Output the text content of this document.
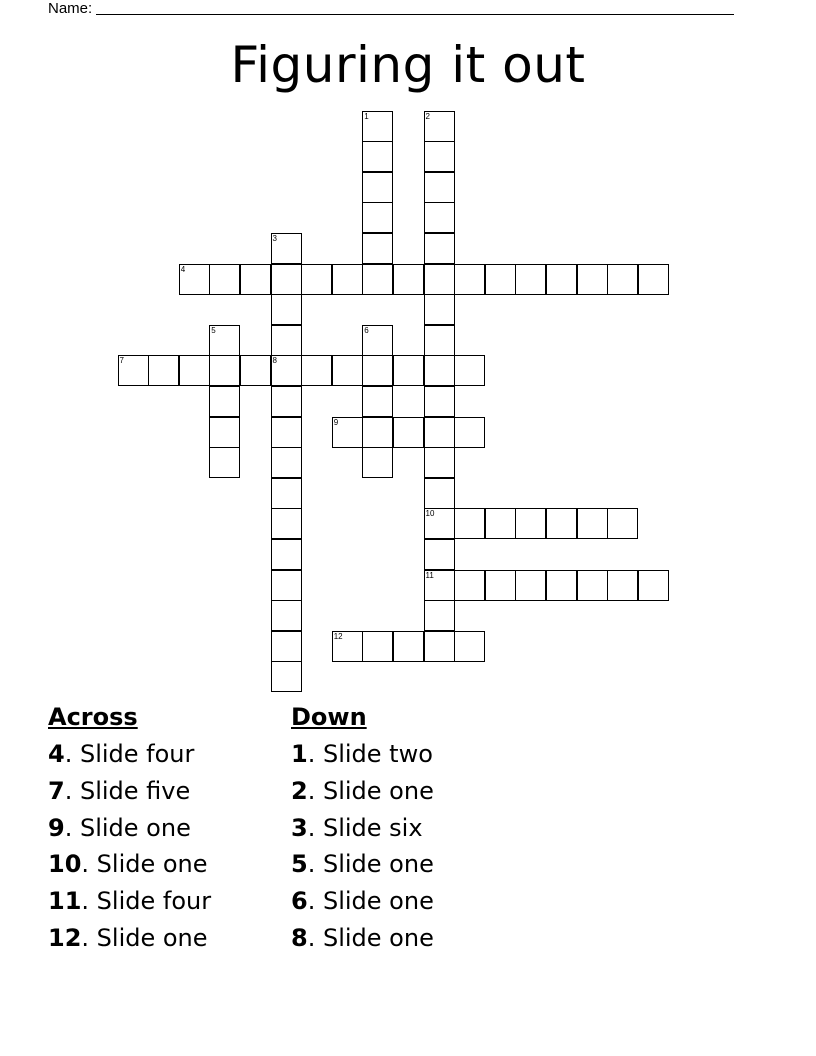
Name:
Figuring it out
1	2
10
11
3
8
4
5	6
7
9
12
Across
4. Slide four
7. Slide five
9. Slide one
10. Slide one
11. Slide four
12. Slide one
Down
1. Slide two
2. Slide one
3. Slide six
5. Slide one
6. Slide one
8. Slide one
